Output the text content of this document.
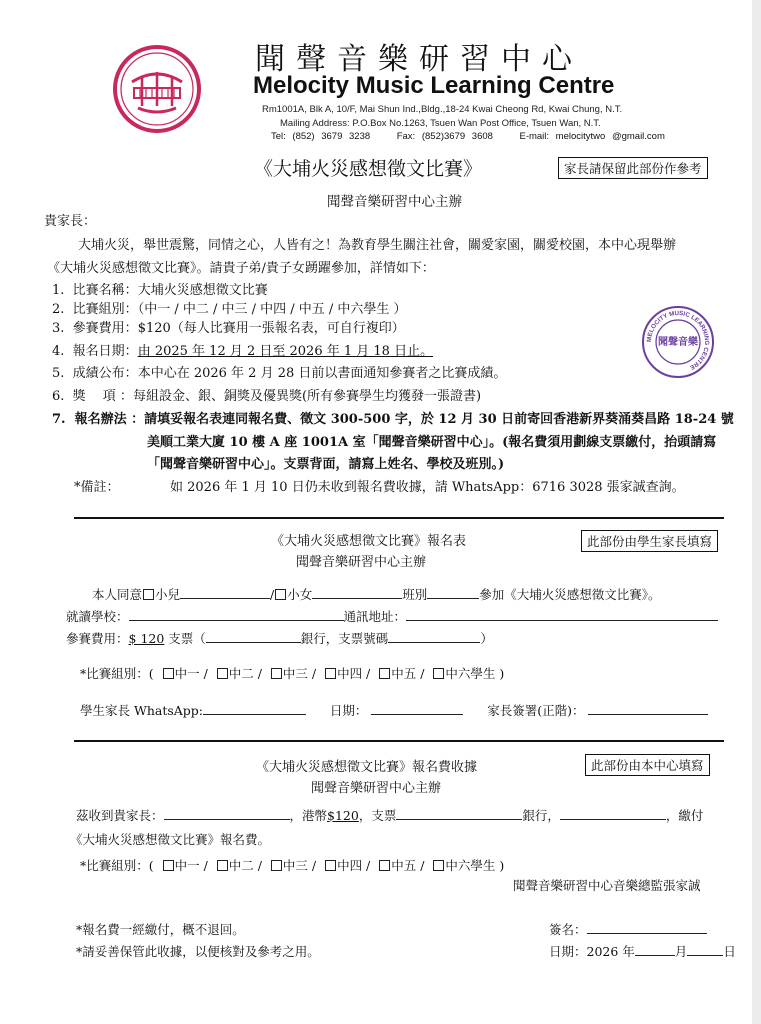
聞聲音樂研習中心
Melocity Music Learning Centre
Rm1001A, Blk A, 10/F, Mai Shun Ind.,Bldg.,18-24 Kwai Cheong Rd, Kwai Chung, N.T.
Mailing Address: P.O.Box No.1263, Tsuen Wan Post Office, Tsuen Wan, N.T.
Tel: (852) 3679 3238	Fax: (852)3679 3608	E-mail: melocitytwo @gmail.com
《大埔火災感想徵文比賽》	家長請保留此部份作參考
聞聲音樂研習中心主辦
貴家長：
大埔火災，舉世震驚，同情之心，人皆有之！為教育學生關注社會，關愛家園，關愛校園，本中心現舉辦
《大埔火災感想徵文比賽》。請貴子弟/貴子女踴躍參加，詳情如下：
1. 比賽名稱：大埔火災感想徵文比賽
2. 比賽組別：（中一 / 中二 / 中三 / 中四 / 中五 / 中六學生 ）
3. 參賽費用：$120（每人比賽用一張報名表，可自行複印）
4. 報名日期：由 2025 年 12 月 2 日至 2026 年 1 月 18 日止。
5. 成績公布：本中心在 2026 年 2 月 28 日前以書面通知參賽者之比賽成績。
6. 獎　 項 ：每組設金、銀、銅獎及優異獎(所有參賽學生均獲發一張證書)
7. 報名辦法 ：請填妥報名表連同報名費、徵文 300-500 字，於 12 月 30 日前寄回香港新界葵涌葵昌路 18-24 號
美順工業大廈 10 樓 A 座 1001A 室「聞聲音樂研習中心」。(報名費須用劃線支票繳付，抬頭請寫
「聞聲音樂研習中心」。支票背面，請寫上姓名、學校及班別。)
*備註：	如 2026 年 1 月 10 日仍未收到報名費收據，請 WhatsApp：6716 3028 張家誠查詢。
MELOCITY MUSIC LEARNING CENTRE
聞聲音樂
《大埔火災感想徵文比賽》報名表	此部份由學生家長填寫
聞聲音樂研習中心主辦
本人同意 小兒	/ 小女	班別	參加《大埔火災感想徵文比賽》。
就讀學校：	通訊地址：
參賽費用：$ 120 支票（	銀行，支票號碼	）
*比賽組別：( 中一 /  中二 /  中三 /  中四 /  中五 /  中六學生 )
學生家長 WhatsApp:	日期：	家長簽署(正階)：
《大埔火災感想徵文比賽》報名費收據	此部份由本中心填寫
聞聲音樂研習中心主辦
茲收到貴家長：	，港幣$120，支票	銀行，	，繳付
《大埔火災感想徵文比賽》報名費。
*比賽組別：( 中一 /  中二 /  中三 /  中四 /  中五 /  中六學生 )
聞聲音樂研習中心音樂總監張家誠
*報名費一經繳付，概不退回。
*請妥善保管此收據，以便核對及參考之用。
簽名：
日期：2026 年	月	日
